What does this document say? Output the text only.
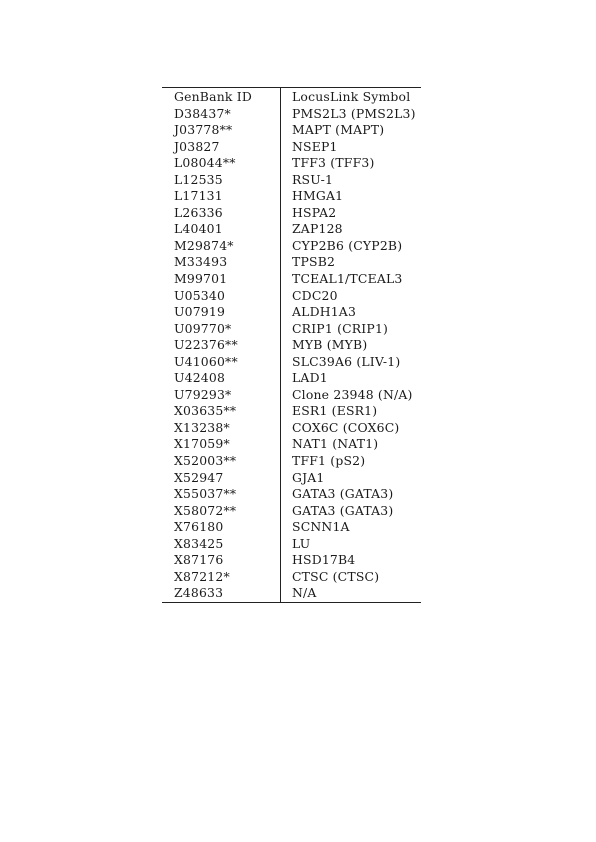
GenBank ID	LocusLink Symbol
D38437*	PMS2L3 (PMS2L3)
J03778**	MAPT (MAPT)
J03827	NSEP1
L08044**	TFF3 (TFF3)
L12535	RSU-1
L17131	HMGA1
L26336	HSPA2
L40401	ZAP128
M29874*	CYP2B6 (CYP2B)
M33493	TPSB2
M99701	TCEAL1/TCEAL3
U05340	CDC20
U07919	ALDH1A3
U09770*	CRIP1 (CRIP1)
U22376**	MYB (MYB)
U41060**	SLC39A6 (LIV-1)
U42408	LAD1
U79293*	Clone 23948 (N/A)
X03635**	ESR1 (ESR1)
X13238*	COX6C (COX6C)
X17059*	NAT1 (NAT1)
X52003**	TFF1 (pS2)
X52947	GJA1
X55037**	GATA3 (GATA3)
X58072**	GATA3 (GATA3)
X76180	SCNN1A
X83425	LU
X87176	HSD17B4
X87212*	CTSC (CTSC)
Z48633	N/A
